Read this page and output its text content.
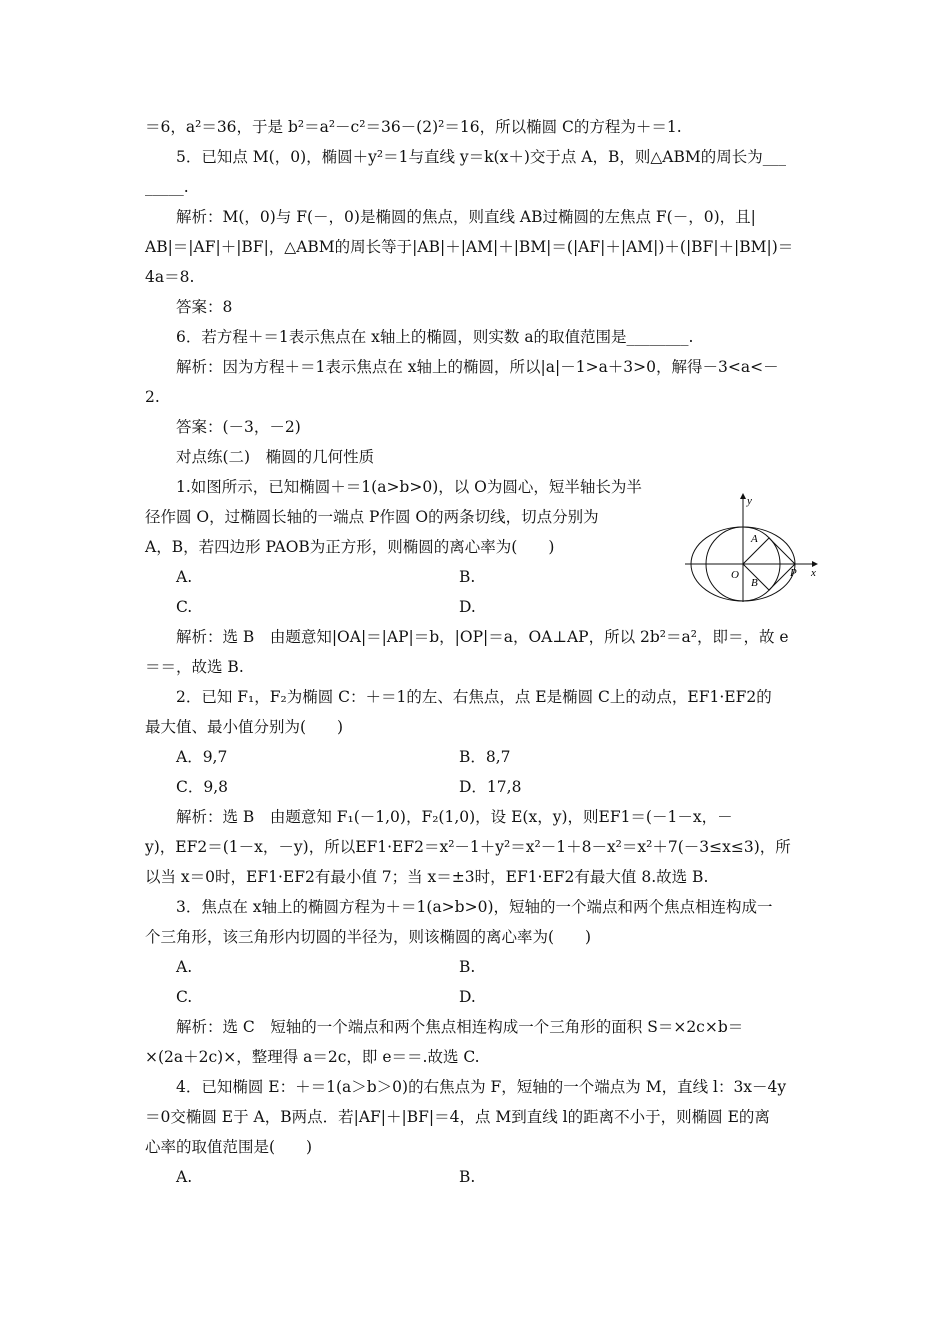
＝6，a²＝36，于是 b²＝a²－c²＝36－(2)²＝16，所以椭圆 C的方程为＋＝1.
5．已知点 M(，0)，椭圆＋y²＝1与直线 y＝k(x＋)交于点 A，B，则△ABM的周长为___
_____.
解析：M(，0)与 F(－，0)是椭圆的焦点，则直线 AB过椭圆的左焦点 F(－，0)，且|
AB|＝|AF|＋|BF|，△ABM的周长等于|AB|＋|AM|＋|BM|＝(|AF|＋|AM|)＋(|BF|＋|BM|)＝
4a＝8.
答案：8
6．若方程＋＝1表示焦点在 x轴上的椭圆，则实数 a的取值范围是________.
解析：因为方程＋＝1表示焦点在 x轴上的椭圆，所以|a|－1>a＋3>0，解得－3<a<－
2.
答案：(－3，－2)
对点练(二)　椭圆的几何性质
1.如图所示，已知椭圆＋＝1(a>b>0)，以 O为圆心，短半轴长为半
径作圆 O，过椭圆长轴的一端点 P作圆 O的两条切线，切点分别为
A，B，若四边形 PAOB为正方形，则椭圆的离心率为(　　)
A.	B.
C.	D.
解析：选 B　由题意知|OA|＝|AP|＝b，|OP|＝a，OA⊥AP，所以 2b²＝a²，即＝，故 e
＝＝，故选 B.
2．已知 F₁，F₂为椭圆 C：＋＝1的左、右焦点，点 E是椭圆 C上的动点，EF1·EF2的
最大值、最小值分别为(　　)
A．9,7	B．8,7
C．9,8	D．17,8
解析：选 B　由题意知 F₁(－1,0)，F₂(1,0)，设 E(x，y)，则EF1＝(－1－x，－
y)，EF2＝(1－x，－y)，所以EF1·EF2＝x²－1＋y²＝x²－1＋8－x²＝x²＋7(－3≤x≤3)，所
以当 x＝0时，EF1·EF2有最小值 7；当 x＝±3时，EF1·EF2有最大值 8.故选 B.
3．焦点在 x轴上的椭圆方程为＋＝1(a>b>0)，短轴的一个端点和两个焦点相连构成一
个三角形，该三角形内切圆的半径为，则该椭圆的离心率为(　　)
A.	B.
C.	D.
解析：选 C　短轴的一个端点和两个焦点相连构成一个三角形的面积 S＝×2c×b＝
×(2a＋2c)×，整理得 a＝2c，即 e＝＝.故选 C.
4．已知椭圆 E：＋＝1(a＞b＞0)的右焦点为 F，短轴的一个端点为 M，直线 l：3x－4y
＝0交椭圆 E于 A，B两点．若|AF|＋|BF|＝4，点 M到直线 l的距离不小于，则椭圆 E的离
心率的取值范围是(　　)
A.	B.
y
x
O
A
B
P
